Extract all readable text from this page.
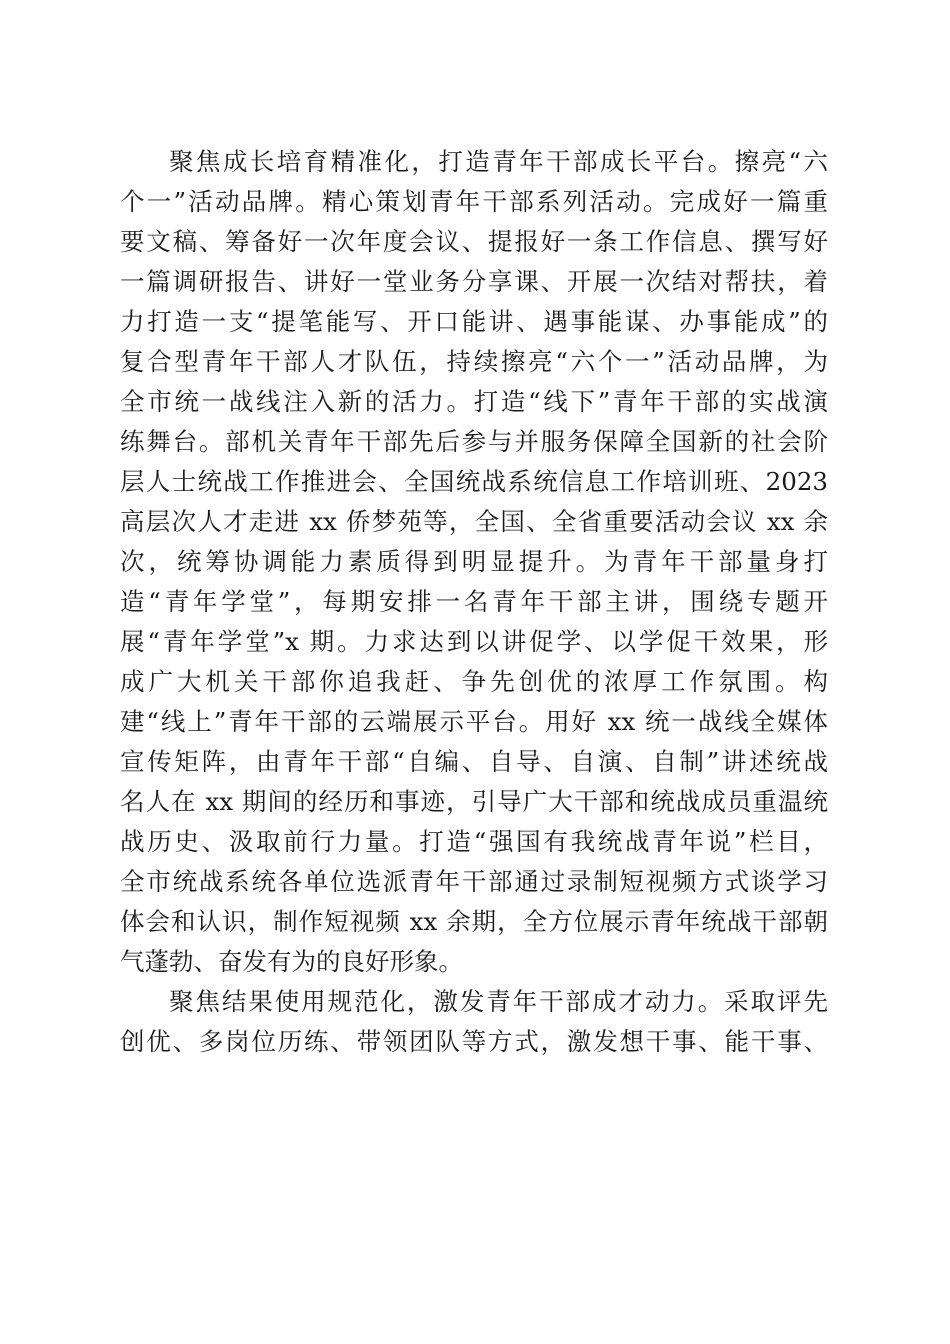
聚焦成长培育精准化，打造青年干部成长平台。擦亮“六
个一”活动品牌。精心策划青年干部系列活动。完成好一篇重
要文稿、筹备好一次年度会议、提报好一条工作信息、撰写好
一篇调研报告、讲好一堂业务分享课、开展一次结对帮扶，着
力打造一支“提笔能写、开口能讲、遇事能谋、办事能成”的
复合型青年干部人才队伍，持续擦亮“六个一”活动品牌，为
全市统一战线注入新的活力。打造“线下”青年干部的实战演
练舞台。部机关青年干部先后参与并服务保障全国新的社会阶
层人士统战工作推进会、全国统战系统信息工作培训班、2023
高层次人才走进 xx 侨梦苑等，全国、全省重要活动会议 xx 余
次，统筹协调能力素质得到明显提升。为青年干部量身打
造“青年学堂”，每期安排一名青年干部主讲，围绕专题开
展“青年学堂”x 期。力求达到以讲促学、以学促干效果，形
成广大机关干部你追我赶、争先创优的浓厚工作氛围。构
建“线上”青年干部的云端展示平台。用好 xx 统一战线全媒体
宣传矩阵，由青年干部“自编、自导、自演、自制”讲述统战
名人在 xx 期间的经历和事迹，引导广大干部和统战成员重温统
战历史、汲取前行力量。打造“强国有我统战青年说”栏目，
全市统战系统各单位选派青年干部通过录制短视频方式谈学习
体会和认识，制作短视频 xx 余期，全方位展示青年统战干部朝
气蓬勃、奋发有为的良好形象。
聚焦结果使用规范化，激发青年干部成才动力。采取评先
创优、多岗位历练、带领团队等方式，激发想干事、能干事、
